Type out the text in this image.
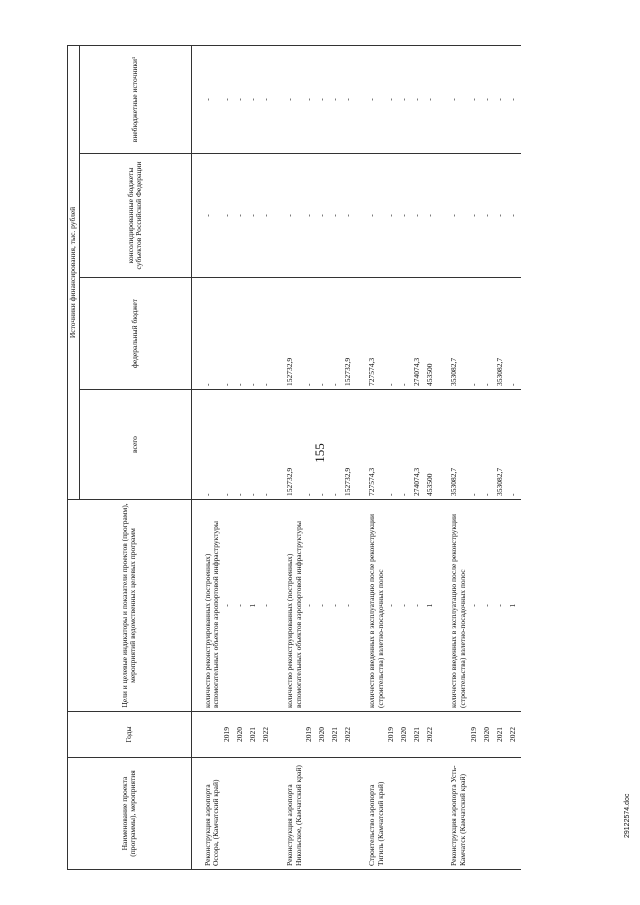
155
Наименование проекта (программы), мероприятия	Годы	Цели и целевые индикаторы и показатели проектов (программ), мероприятий ведомственных целевых программ	Источники финансирования, тыс. рублей			
			всего	федеральный бюджет	консолидированные бюджеты субъектов Российской Федерации	внебюджетные источники¹
Реконструкция аэропорта Оссора, (Камчатский край)		количество реконструированных (построенных) вспомогательных объектов аэропортовой инфраструктуры	-	-	-	-
	2019	-	-	-	-	-
	2020	-	-	-	-	-
	2021	1	-	-	-	-
	2022	-	-	-	-	-
Реконструкция аэропорта Никольское, (Камчатский край)		количество реконструированных (построенных) вспомогательных объектов аэропортовой инфраструктуры	152732,9	152732,9	-	-
	2019	-	-	-	-	-
	2020	-	-	-	-	-
	2021	-	-	-	-	-
	2022	-	152732,9	152732,9	-	-
Строительство аэропорта Тигиль (Камчатский край)		количество введенных в эксплуатацию после реконструкции (строительства) взлетно-посадочных полос	727574,3	727574,3	-	-
	2019	-	-	-	-	-
	2020	-	-	-	-	-
	2021	-	274074,3	274074,3	-	-
	2022	1	453500	453500	-	-
Реконструкция аэропорта Усть-Камчатск (Камчатский край)		количество введенных в эксплуатацию после реконструкции (строительства) взлетно-посадочных полос	353082,7	353082,7	-	-
	2019	-	-	-	-	-
	2020	-	-	-	-	-
	2021	-	353082,7	353082,7	-	-
	2022	1	-	-	-	-
29122574.doc
